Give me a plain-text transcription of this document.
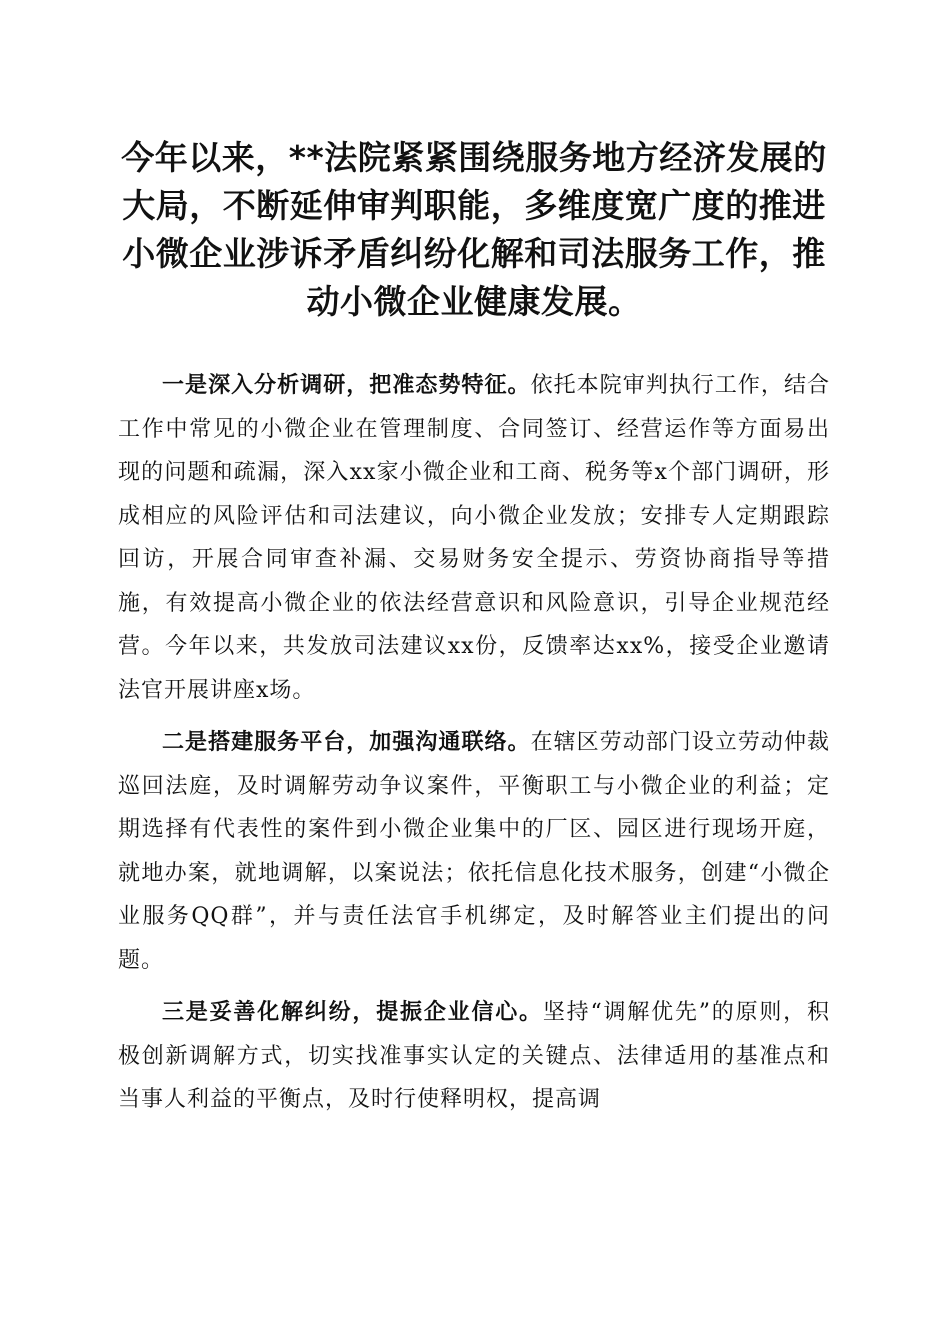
今年以来，**法院紧紧围绕服务地方经济发展的大局，不断延伸审判职能，多维度宽广度的推进小微企业涉诉矛盾纠纷化解和司法服务工作，推动小微企业健康发展。

一是深入分析调研，把准态势特征。依托本院审判执行工作，结合工作中常见的小微企业在管理制度、合同签订、经营运作等方面易出现的问题和疏漏，深入xx家小微企业和工商、税务等x个部门调研，形成相应的风险评估和司法建议，向小微企业发放；安排专人定期跟踪回访，开展合同审查补漏、交易财务安全提示、劳资协商指导等措施，有效提高小微企业的依法经营意识和风险意识，引导企业规范经营。今年以来，共发放司法建议xx份，反馈率达xx%，接受企业邀请法官开展讲座x场。

二是搭建服务平台，加强沟通联络。在辖区劳动部门设立劳动仲裁巡回法庭，及时调解劳动争议案件，平衡职工与小微企业的利益；定期选择有代表性的案件到小微企业集中的厂区、园区进行现场开庭，就地办案，就地调解，以案说法；依托信息化技术服务，创建“小微企业服务QQ群”，并与责任法官手机绑定，及时解答业主们提出的问题。

三是妥善化解纠纷，提振企业信心。坚持“调解优先”的原则，积极创新调解方式，切实找准事实认定的关键点、法律适用的基准点和当事人利益的平衡点，及时行使释明权，提高调
